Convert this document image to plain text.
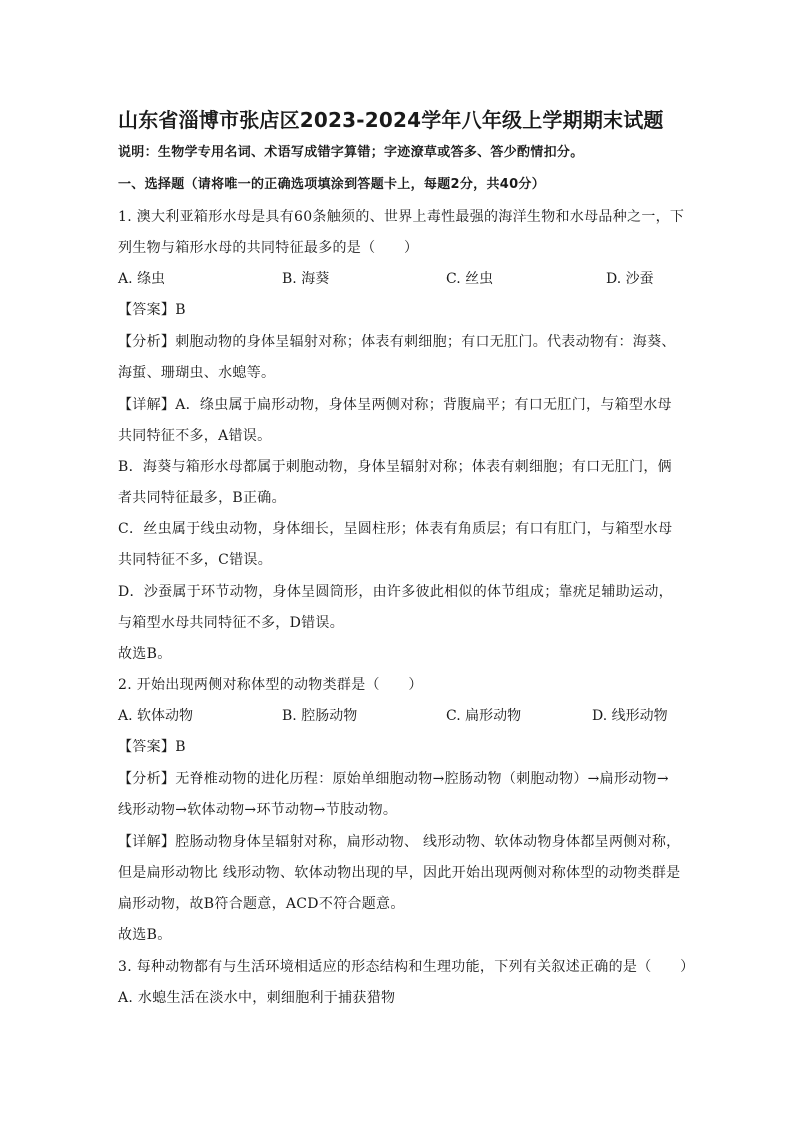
山东省淄博市张店区2023-2024学年八年级上学期期末试题
说明：生物学专用名词、术语写成错字算错；字迹潦草或答多、答少酌情扣分。
一、选择题（请将唯一的正确选项填涂到答题卡上，每题2分，共40分）
1. 澳大利亚箱形水母是具有60条触须的、世界上毒性最强的海洋生物和水母品种之一，下
列生物与箱形水母的共同特征最多的是（　　）
A. 绦虫	B. 海葵	C. 丝虫	D. 沙蚕
【答案】B
【分析】刺胞动物的身体呈辐射对称；体表有刺细胞；有口无肛门。代表动物有：海葵、
海蜇、珊瑚虫、水螅等。
【详解】A．绦虫属于扁形动物，身体呈两侧对称；背腹扁平；有口无肛门，与箱型水母
共同特征不多，A错误。
B．海葵与箱形水母都属于刺胞动物，身体呈辐射对称；体表有刺细胞；有口无肛门，俩
者共同特征最多，B正确。
C．丝虫属于线虫动物，身体细长，呈圆柱形；体表有角质层；有口有肛门，与箱型水母
共同特征不多，C错误。
D．沙蚕属于环节动物，身体呈圆筒形，由许多彼此相似的体节组成；靠疣足辅助运动，
与箱型水母共同特征不多，D错误。
故选B。
2. 开始出现两侧对称体型的动物类群是（　　）
A. 软体动物	B. 腔肠动物	C. 扁形动物	D. 线形动物
【答案】B
【分析】无脊椎动物的进化历程：原始单细胞动物→腔肠动物（刺胞动物）→扁形动物→
线形动物→软体动物→环节动物→节肢动物。
【详解】腔肠动物身体呈辐射对称，扁形动物、 线形动物、软体动物身体都呈两侧对称，
但是扁形动物比 线形动物、软体动物出现的早，因此开始出现两侧对称体型的动物类群是
扁形动物，故B符合题意，ACD不符合题意。
故选B。
3. 每种动物都有与生活环境相适应的形态结构和生理功能，下列有关叙述正确的是（　　）
A. 水螅生活在淡水中，刺细胞利于捕获猎物
